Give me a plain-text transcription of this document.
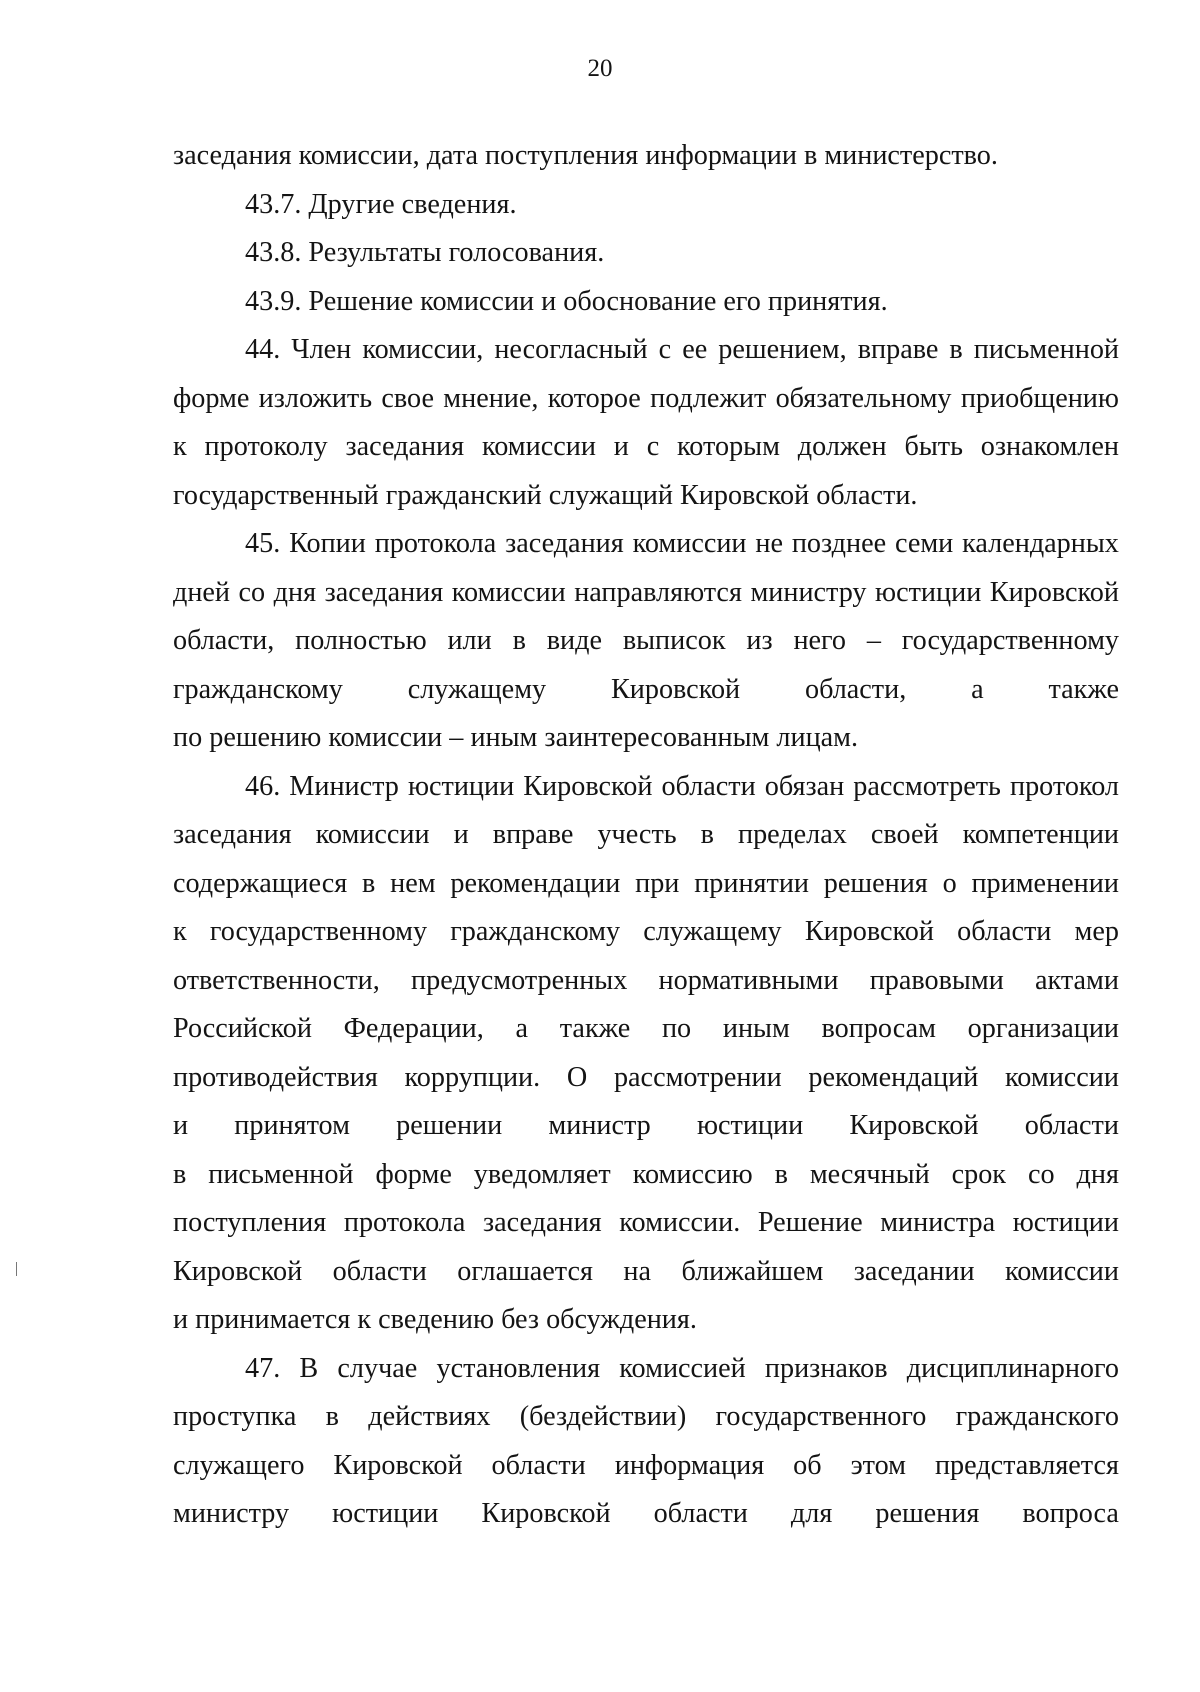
20
заседания комиссии, дата поступления информации в министерство.
43.7. Другие сведения.
43.8. Результаты голосования.
43.9. Решение комиссии и обоснование его принятия.
44. Член комиссии, несогласный с ее решением, вправе в письменной
форме изложить свое мнение, которое подлежит обязательному приобщению
к протоколу заседания комиссии и с которым должен быть ознакомлен
государственный гражданский служащий Кировской области.
45. Копии протокола заседания комиссии не позднее семи календарных
дней со дня заседания комиссии направляются министру юстиции Кировской
области, полностью или в виде выписок из него – государственному
гражданскому служащему Кировской области, а также
по решению комиссии – иным заинтересованным лицам.
46. Министр юстиции Кировской области обязан рассмотреть протокол
заседания комиссии и вправе учесть в пределах своей компетенции
содержащиеся в нем рекомендации при принятии решения о применении
к государственному гражданскому служащему Кировской области мер
ответственности, предусмотренных нормативными правовыми актами
Российской Федерации, а также по иным вопросам организации
противодействия коррупции. О рассмотрении рекомендаций комиссии
и принятом решении министр юстиции Кировской области
в письменной форме уведомляет комиссию в месячный срок со дня
поступления протокола заседания комиссии. Решение министра юстиции
Кировской области оглашается на ближайшем заседании комиссии
и принимается к сведению без обсуждения.
47. В случае установления комиссией признаков дисциплинарного
проступка в действиях (бездействии) государственного гражданского
служащего Кировской области информация об этом представляется
министру юстиции Кировской области для решения вопроса
